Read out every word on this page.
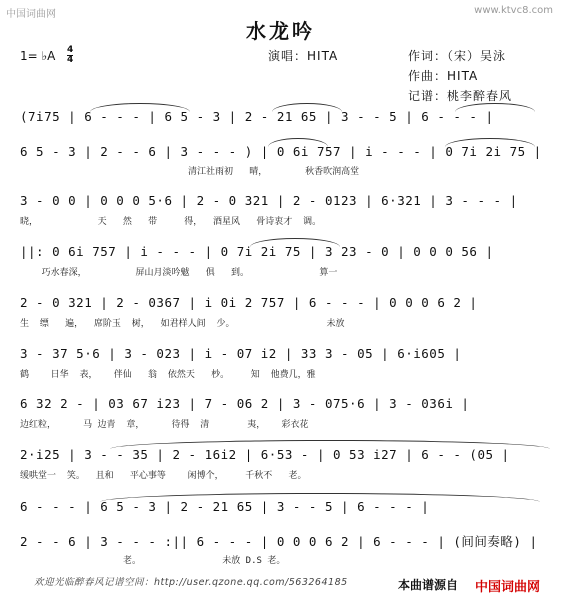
中国词曲网	www.ktvc8.com
水龙吟
1= ♭A 4
4	演唱：HITA	作词：（宋）吴泳
作曲：HITA
记谱：桃李醉春风
(7i75 | 6 - - - | 6 5 - 3 | 2 - 21 65 | 3 - - 5 | 6 - - - |
6 5 - 3 | 2 - - 6 | 3 - - - ) | 0 6i 757 | i - - - | 0 7i 2i 75 |
清江社雨初   晴，       秋香吹润高堂
3 - 0 0 | 0 0 0 5·6 | 2 - 0 321 | 2 - 0123 | 6·321 | 3 - - - |
晓，           天   然   带     得，  酒星风   骨诗衷才  调。
||: 0 6i 757 | i - - - | 0 7i 2i 75 | 3 23 - 0 | 0 0 0 56 |
巧水春深，         屏山月淡吟魃   俱   到。             算一
2 - 0 321 | 2 - 0367 | i 0i 2 757 | 6 - - - | 0 0 0 6 2 |
生  缥   遍，  席阶玉  树，  如君样人间  少。                 未放
3 - 37 5·6 | 3 - 023 | i - 07 i2 | 33 3 - 05 | 6·i605 |
鹤    日华  表，   伴仙   翁  依然天   杪。    知  他费几，雅
6 32 2 - | 03 67 i23 | 7 - 06 2 | 3 - 075·6 | 3 - 036i |
边红粒，     马 边青  章，     待得  清       夷，   彩衣花
2·i25 | 3 - - 35 | 2 - 16i2 | 6·53 - | 0 53 i27 | 6 - - (05 |
缓哄堂一  笑。  且和   平心事等    闲博个，    千秋不   老。
6 - - - | 6 5 - 3 | 2 - 21 65 | 3 - - 5 | 6 - - - |
2 - - 6 | 3 - - - :|| 6 - - - | 0 0 0 6 2 | 6 - - - | (间间奏略) |
老。               未放 D.S 老。
欢迎光临醉春风记谱空间：http://user.qzone.qq.com/563264185	本曲谱源自 中国词曲网
